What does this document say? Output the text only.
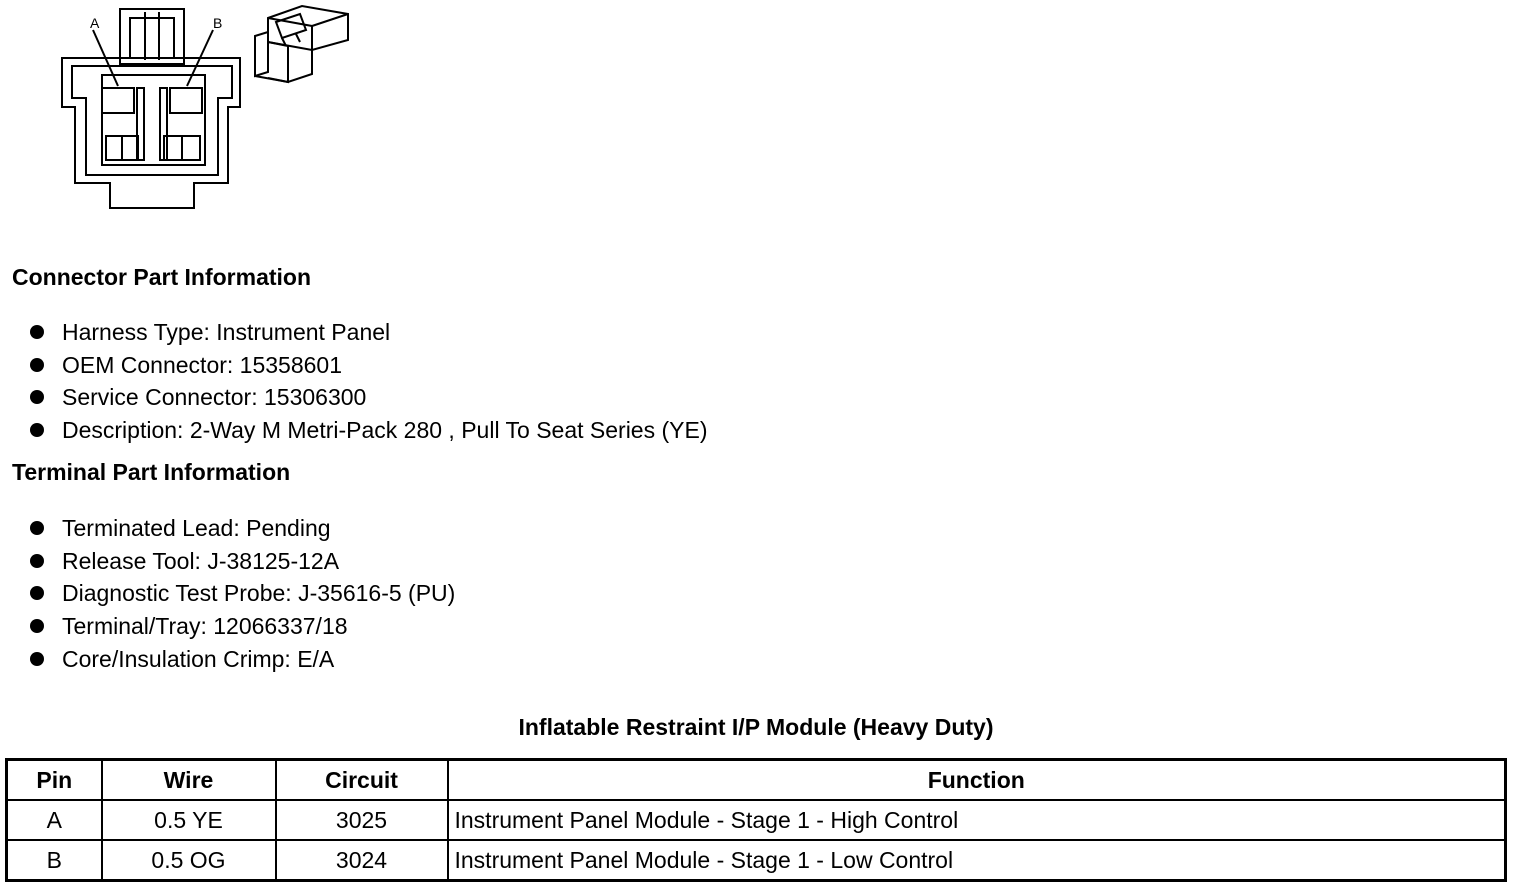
A	B
Connector Part Information
Harness Type: Instrument Panel
OEM Connector: 15358601
Service Connector: 15306300
Description: 2-Way M Metri-Pack 280 , Pull To Seat Series (YE)
Terminal Part Information
Terminated Lead: Pending
Release Tool: J-38125-12A
Diagnostic Test Probe: J-35616-5 (PU)
Terminal/Tray: 12066337/18
Core/Insulation Crimp: E/A
Inflatable Restraint I/P Module (Heavy Duty)
Pin	Wire	Circuit	Function
A	0.5 YE	3025	Instrument Panel Module - Stage 1 - High Control
B	0.5 OG	3024	Instrument Panel Module - Stage 1 - Low Control
